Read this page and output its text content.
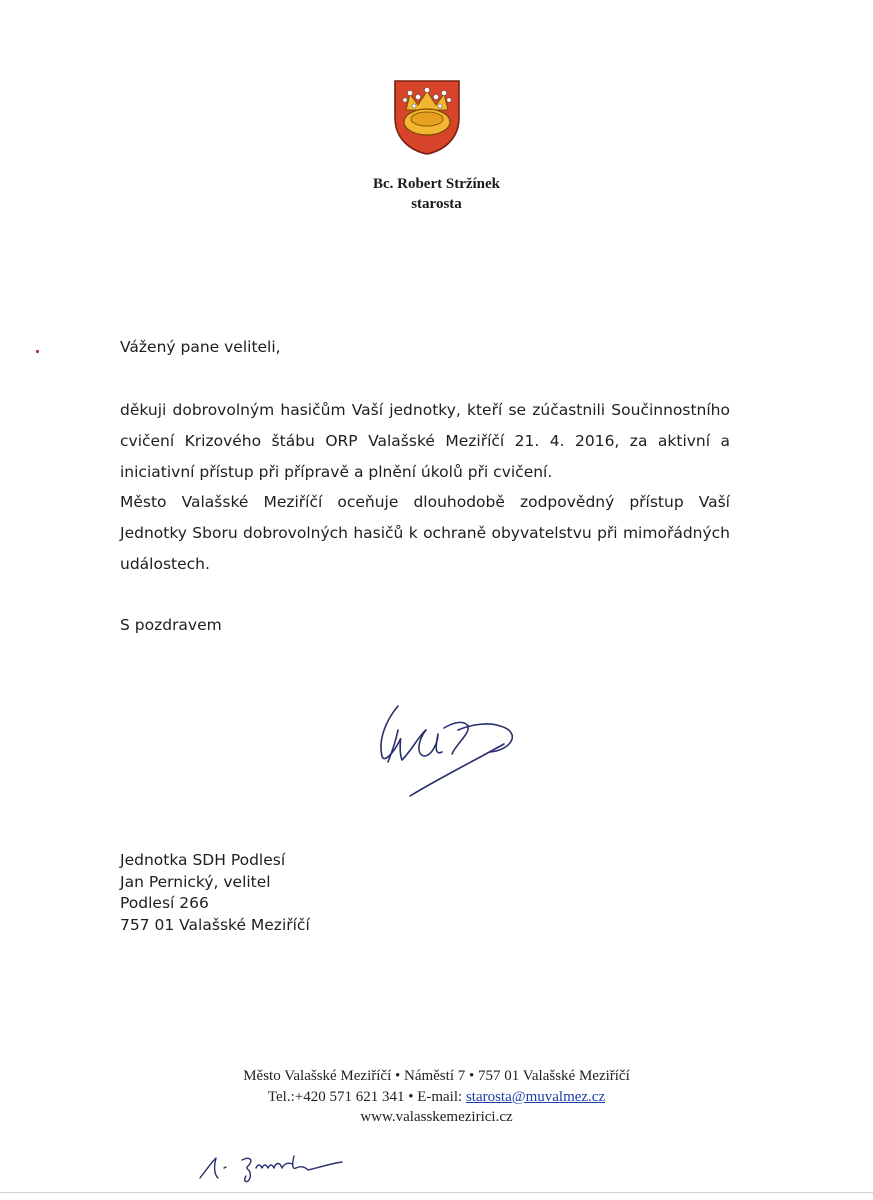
Bc. Robert Stržínek
starosta

Vážený pane veliteli,

děkuji dobrovolným hasičům Vaší jednotky, kteří se zúčastnili Součinnostního cvičení Krizového štábu ORP Valašské Meziříčí 21. 4. 2016, za aktivní a iniciativní přístup při přípravě a plnění úkolů při cvičení.

Město Valašské Meziříčí oceňuje dlouhodobě zodpovědný přístup Vaší Jednotky Sboru dobrovolných hasičů k ochraně obyvatelstvu při mimořádných událostech.

S pozdravem

Jednotka SDH Podlesí
Jan Pernický, velitel
Podlesí 266
757 01 Valašské Meziříčí
Město Valašské Meziříčí • Náměstí 7 • 757 01 Valašské Meziříčí
Tel.:+420 571 621 341 • E-mail: starosta@muvalmez.cz
www.valasskemezirici.cz
